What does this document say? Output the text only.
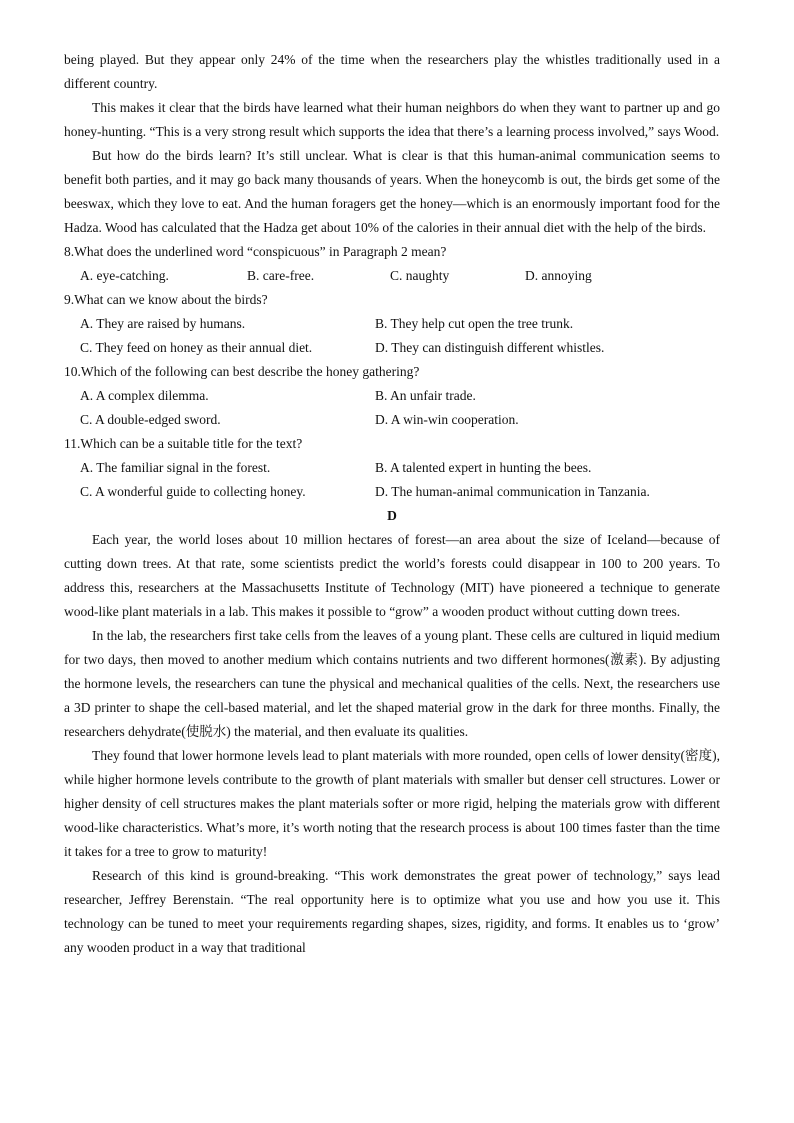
being played. But they appear only 24% of the time when the researchers play the whistles traditionally used in a different country.

This makes it clear that the birds have learned what their human neighbors do when they want to partner up and go honey-hunting. “This is a very strong result which supports the idea that there’s a learning process involved,” says Wood.

But how do the birds learn? It’s still unclear. What is clear is that this human-animal communication seems to benefit both parties, and it may go back many thousands of years. When the honeycomb is out, the birds get some of the beeswax, which they love to eat. And the human foragers get the honey—which is an enormously important food for the Hadza. Wood has calculated that the Hadza get about 10% of the calories in their annual diet with the help of the birds.

8.What does the underlined word “conspicuous” in Paragraph 2 mean?

A. eye-catching.	B. care-free.	C. naughty	D. annoying

9.What can we know about the birds?

A. They are raised by humans.	B. They help cut open the tree trunk.
C. They feed on honey as their annual diet.	D. They can distinguish different whistles.

10.Which of the following can best describe the honey gathering?

A. A complex dilemma.	B. An unfair trade.
C. A double-edged sword.	D. A win-win cooperation.

11.Which can be a suitable title for the text?

A. The familiar signal in the forest.	B. A talented expert in hunting the bees.
C. A wonderful guide to collecting honey.	D. The human-animal communication in Tanzania.

D

Each year, the world loses about 10 million hectares of forest—an area about the size of Iceland—because of cutting down trees. At that rate, some scientists predict the world’s forests could disappear in 100 to 200 years. To address this, researchers at the Massachusetts Institute of Technology (MIT) have pioneered a technique to generate wood-like plant materials in a lab. This makes it possible to “grow” a wooden product without cutting down trees.

In the lab, the researchers first take cells from the leaves of a young plant. These cells are cultured in liquid medium for two days, then moved to another medium which contains nutrients and two different hormones(激素). By adjusting the hormone levels, the researchers can tune the physical and mechanical qualities of the cells. Next, the researchers use a 3D printer to shape the cell-based material, and let the shaped material grow in the dark for three months. Finally, the researchers dehydrate(使脱水) the material, and then evaluate its qualities.

They found that lower hormone levels lead to plant materials with more rounded, open cells of lower density(密度), while higher hormone levels contribute to the growth of plant materials with smaller but denser cell structures. Lower or higher density of cell structures makes the plant materials softer or more rigid, helping the materials grow with different wood-like characteristics. What’s more, it’s worth noting that the research process is about 100 times faster than the time it takes for a tree to grow to maturity!

Research of this kind is ground-breaking. “This work demonstrates the great power of technology,” says lead researcher, Jeffrey Berenstain. “The real opportunity here is to optimize what you use and how you use it. This technology can be tuned to meet your requirements regarding shapes, sizes, rigidity, and forms. It enables us to ‘grow’ any wooden product in a way that traditional
